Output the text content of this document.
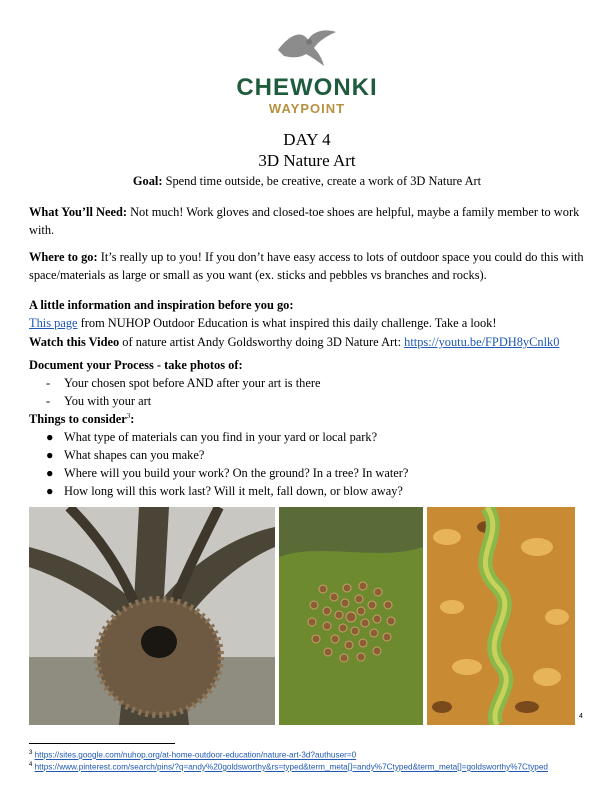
CHEWONKI
WAYPOINT
DAY 4
3D Nature Art
Goal: Spend time outside, be creative, create a work of 3D Nature Art
What You’ll Need: Not much! Work gloves and closed-toe shoes are helpful, maybe a family member to work with.
Where to go: It’s really up to you! If you don’t have easy access to lots of outdoor space you could do this with space/materials as large or small as you want (ex. sticks and pebbles vs branches and rocks).
A little information and inspiration before you go:
This page from NUHOP Outdoor Education is what inspired this daily challenge. Take a look!
Watch this Video of nature artist Andy Goldsworthy doing 3D Nature Art: https://youtu.be/FPDH8yCnlk0
Document your Process - take photos of:
- Your chosen spot before AND after your art is there
- You with your art
Things to consider$^3$:
● What type of materials can you find in your yard or local park?
● What shapes can you make?
● Where will you build your work? On the ground? In a tree? In water?
● How long will this work last? Will it melt, fall down, or blow away?
4
$^3$ https://sites.google.com/nuhop.org/at-home-outdoor-education/nature-art-3d?authuser=0
$^4$ https://www.pinterest.com/search/pins/?q=andy%20goldsworthy&rs=typed&term_meta[]=andy%7Ctyped&term_meta[]=goldsworthy%7Ctyped
